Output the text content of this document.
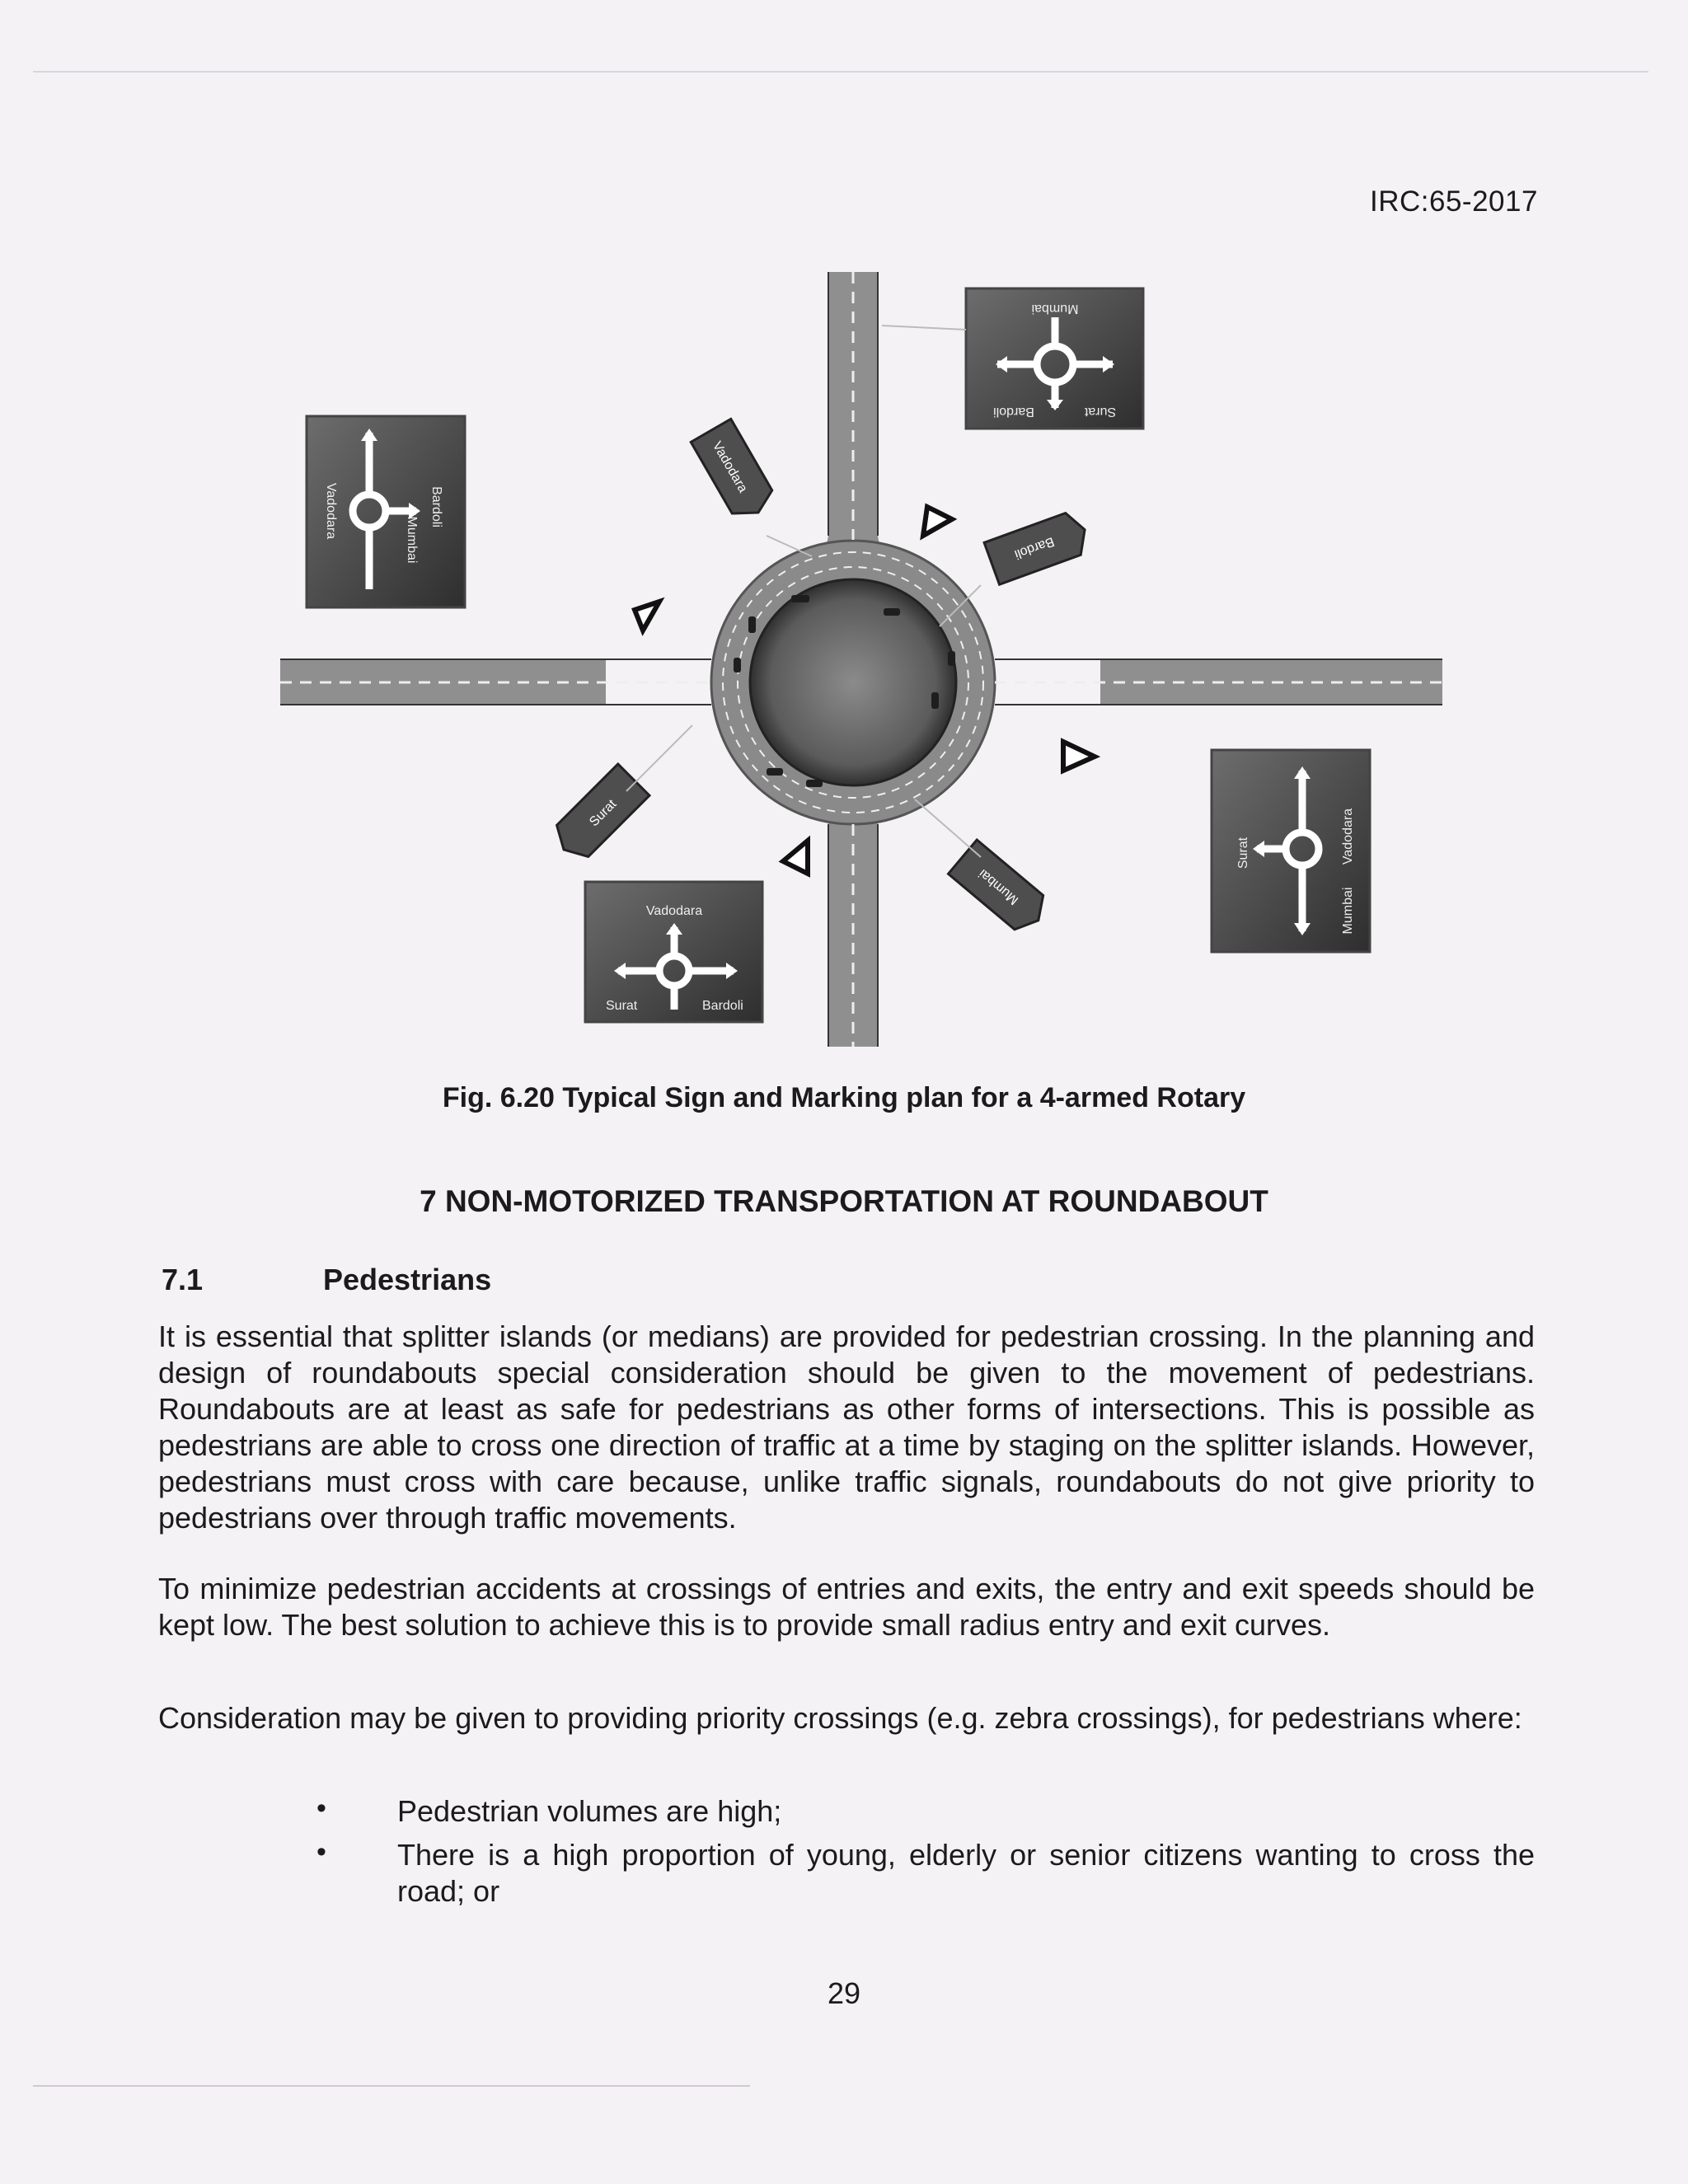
IRC:65-2017
Mumbai
Bardoli	Surat
Vadodara	Bardoli
Mumbai
Vadodara
Surat
Mumbai
Vadodara
Surat	Bardoli
Vadodara
Bardoli
Surat
Mumbai
Fig. 6.20 Typical Sign and Marking plan for a 4-armed Rotary
7 NON-MOTORIZED TRANSPORTATION AT ROUNDABOUT
7.1	Pedestrians
It is essential that splitter islands (or medians) are provided for pedestrian crossing. In the planning and design of roundabouts special consideration should be given to the movement of pedestrians. Roundabouts are at least as safe for pedestrians as other forms of intersections. This is possible as pedestrians are able to cross one direction of traffic at a time by staging on the splitter islands. However, pedestrians must cross with care because, unlike traffic signals, roundabouts do not give priority to pedestrians over through traffic movements.
To minimize pedestrian accidents at crossings of entries and exits, the entry and exit speeds should be kept low. The best solution to achieve this is to provide small radius entry and exit curves.
Consideration may be given to providing priority crossings (e.g. zebra crossings), for pedestrians where:
• Pedestrian volumes are high;
• There is a high proportion of young, elderly or senior citizens wanting to cross the road; or
29
